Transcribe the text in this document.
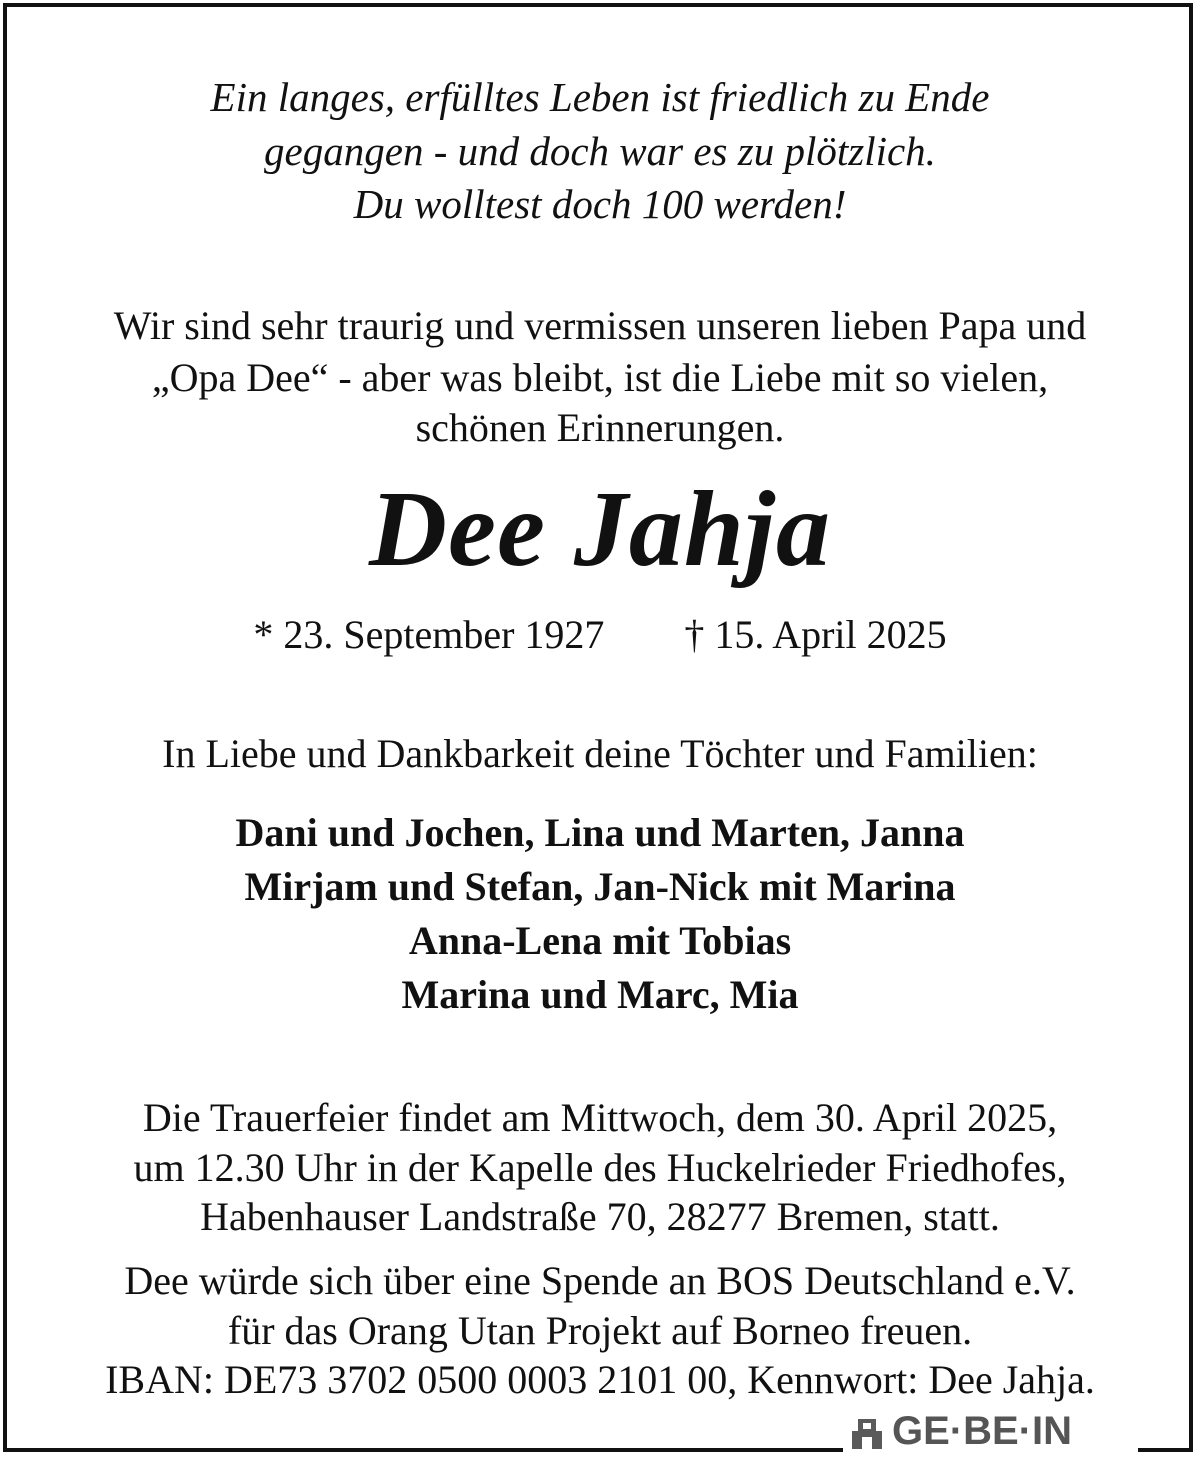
Ein langes, erfülltes Leben ist friedlich zu Ende
gegangen - und doch war es zu plötzlich.
Du wolltest doch 100 werden!
Wir sind sehr traurig und vermissen unseren lieben Papa und
„Opa Dee“ - aber was bleibt, ist die Liebe mit so vielen,
schönen Erinnerungen.
Dee Jahja
* 23. September 1927 † 15. April 2025
In Liebe und Dankbarkeit deine Töchter und Familien:
Dani und Jochen, Lina und Marten, Janna
Mirjam und Stefan, Jan-Nick mit Marina
Anna-Lena mit Tobias
Marina und Marc, Mia
Die Trauerfeier findet am Mittwoch, dem 30. April 2025,
um 12.30 Uhr in der Kapelle des Huckelrieder Friedhofes,
Habenhauser Landstraße 70, 28277 Bremen, statt.
Dee würde sich über eine Spende an BOS Deutschland e.V.
für das Orang Utan Projekt auf Borneo freuen.
IBAN: DE73 3702 0500 0003 2101 00, Kennwort: Dee Jahja.
GE·BE·IN
